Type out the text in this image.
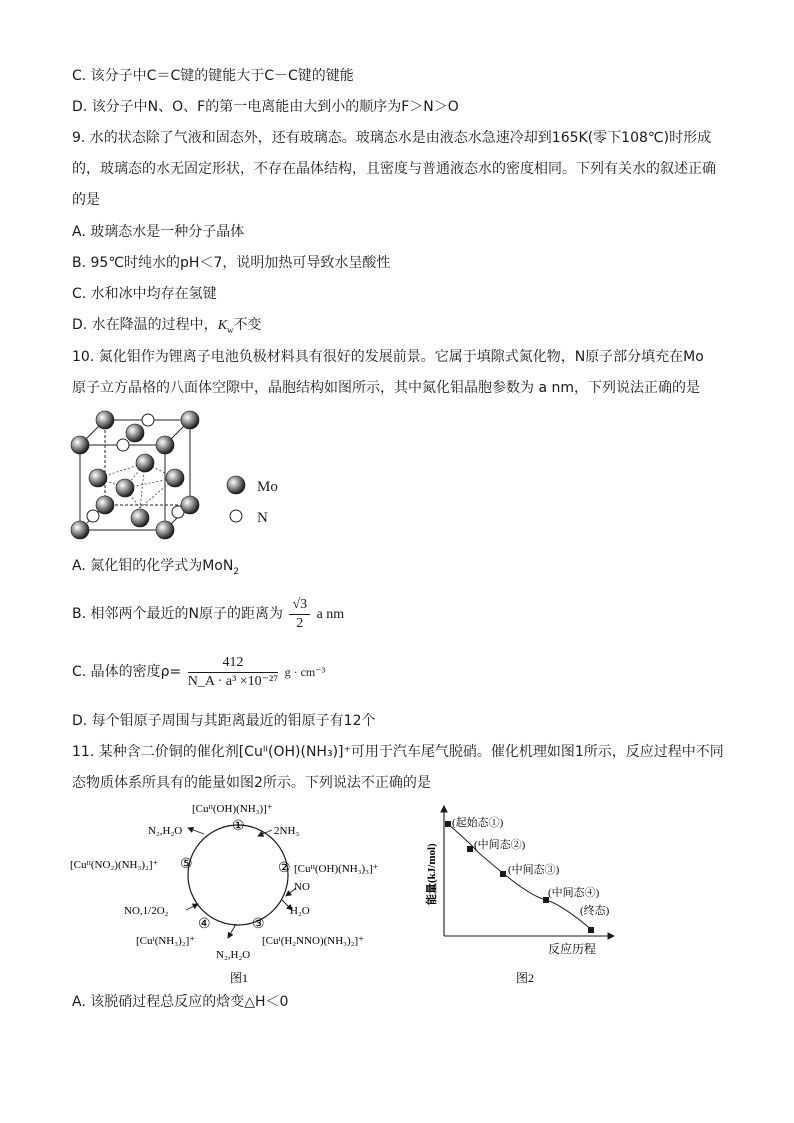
C. 该分子中C＝C键的键能大于C－C键的键能
D. 该分子中N、O、F的第一电离能由大到小的顺序为F＞N＞O
9. 水的状态除了气液和固态外，还有玻璃态。玻璃态水是由液态水急速冷却到165K(零下108℃)时形成
的，玻璃态的水无固定形状，不存在晶体结构，且密度与普通液态水的密度相同。下列有关水的叙述正确
的是
A. 玻璃态水是一种分子晶体
B. 95℃时纯水的pH＜7，说明加热可导致水呈酸性
C. 水和冰中均存在氢键
D. 水在降温的过程中，$K_w$不变
10. 氮化钼作为锂离子电池负极材料具有很好的发展前景。它属于填隙式氮化物，N原子部分填充在Mo
原子立方晶格的八面体空隙中，晶胞结构如图所示，其中氮化钼晶胞参数为 a nm，下列说法正确的是
Mo
N
A. 氮化钼的化学式为MoN$_2$
B. 相邻两个最近的N原子的距离为 $\frac{√3}{2}$ a nm
C. 晶体的密度$\rho= \frac{412}{\text{N\_A · a³ ×10⁻²⁷}}$ g · cm⁻³
D. 每个钼原子周围与其距离最近的钼原子有12个
11. 某种含二价铜的催化剂[Cuᴵᴵ(OH)(NH₃)]⁺可用于汽车尾气脱硝。催化机理如图1所示，反应过程中不同
态物质体系所具有的能量如图2所示。下列说法不正确的是
①
②
③
④
⑤
[Cuᴵᴵ(OH)(NH₃)]⁺
[Cuᴵᴵ(OH)(NH₃)₃]⁺
[Cuᴵ(H₂NNO)(NH₃)₂]⁺
[Cuᴵ(NH₃)₂]⁺
[Cuᴵᴵ(NO₂)(NH₃)₂]⁺
2NH₃
N₂,H₂O
NO
H₂O
N₂,H₂O
NO,1/2O₂
图1
能量(kJ/mol)
反应历程
(起始态①)
(中间态②)
(中间态③)
(中间态④)
(终态)
图2
A. 该脱硝过程总反应的焓变△H＜0
